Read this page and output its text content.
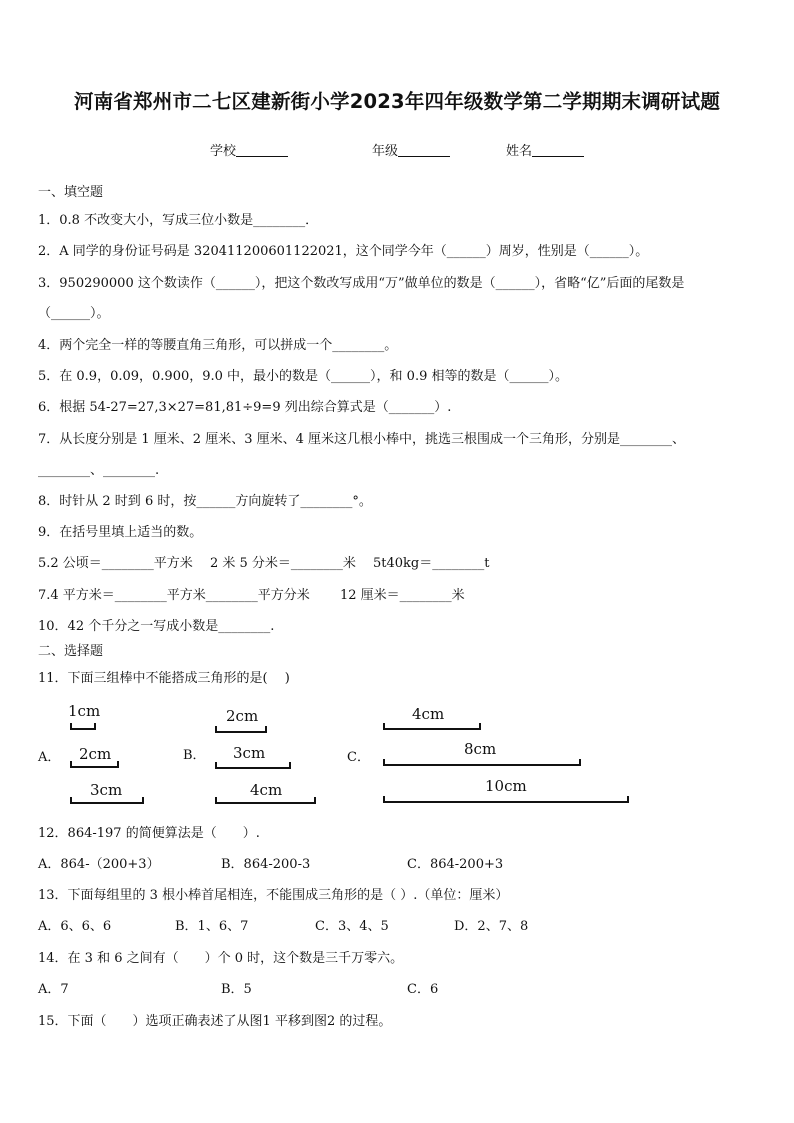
河南省郑州市二七区建新街小学2023年四年级数学第二学期期末调研试题
学校	年级	姓名
一、填空题
1．0.8 不改变大小，写成三位小数是________．
2．A 同学的身份证号码是 320411200601122021，这个同学今年（______）周岁，性别是（______）。
3．950290000 这个数读作（______），把这个数改写成用“万”做单位的数是（______），省略“亿”后面的尾数是
（______）。
4．两个完全一样的等腰直角三角形，可以拼成一个________。
5．在 0.9，0.09，0.900，9.0 中，最小的数是（______），和 0.9 相等的数是（______）。
6．根据 54-27=27,3×27=81,81÷9=9 列出综合算式是（_______）.
7．从长度分别是 1 厘米、2 厘米、3 厘米、4 厘米这几根小棒中，挑选三根围成一个三角形，分别是________、
________、________.
8．时针从 2 时到 6 时，按______方向旋转了________°。
9．在括号里填上适当的数。
5.2 公顷＝________平方米　 2 米 5 分米＝________米　 5t40kg＝________t
7.4 平方米＝________平方米________平方分米　　 12 厘米＝________米
10．42 个千分之一写成小数是________.
二、选择题
11．下面三组棒中不能搭成三角形的是(　 )
A．
1cm
2cm
3cm
B．
2cm
3cm
4cm
C．
4cm
8cm
10cm
12．864-197 的简便算法是（　　）.
A．864-（200+3）	B．864-200-3	C．864-200+3
13．下面每组里的 3 根小棒首尾相连，不能围成三角形的是（ ）.（单位：厘米）
A．6、6、6	B．1、6、7	C．3、4、5	D．2、7、8
14．在 3 和 6 之间有（　　）个 0 时，这个数是三千万零六。
A．7	B．5	C．6
15．下面（　　）选项正确表述了从图1 平移到图2 的过程。
